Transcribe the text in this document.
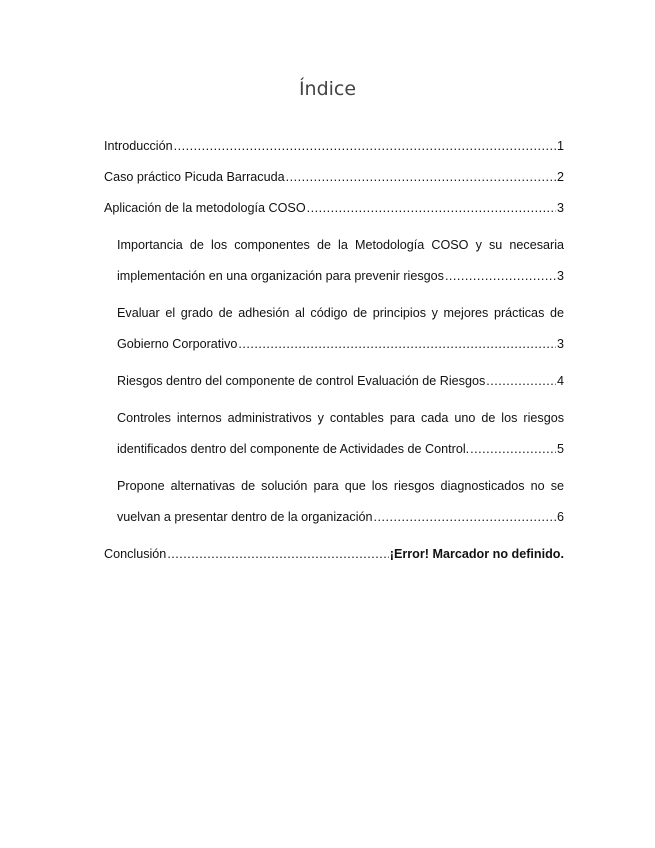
Índice
Introducción .....	1
Caso práctico Picuda Barracuda .....	2
Aplicación de la metodología COSO .....	3
Importancia de los componentes de la Metodología COSO y su necesaria
implementación en una organización para prevenir riesgos .....	3
Evaluar el grado de adhesión al código de principios y mejores prácticas de
Gobierno Corporativo .....	3
Riesgos dentro del componente de control Evaluación de Riesgos .....	4
Controles internos administrativos y contables para cada uno de los riesgos
identificados dentro del componente de Actividades de Control. .....	5
Propone alternativas de solución para que los riesgos diagnosticados no se
vuelvan a presentar dentro de la organización .....	6
Conclusión .....	¡Error! Marcador no definido.
